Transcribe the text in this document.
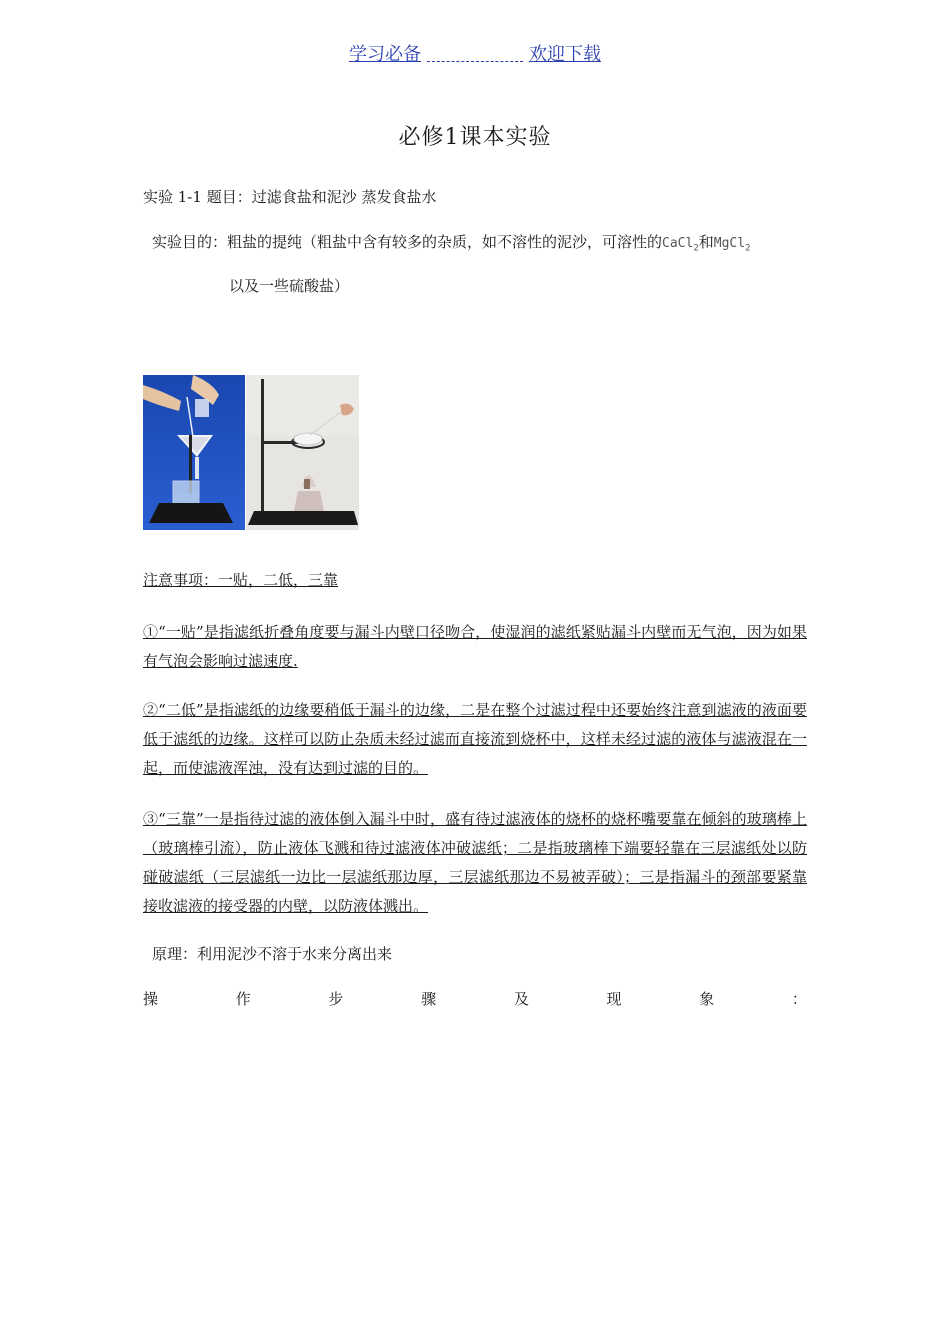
学习必备	欢迎下载
必修1课本实验
实验 1-1 题目：过滤食盐和泥沙 蒸发食盐水
实验目的：粗盐的提纯（粗盐中含有较多的杂质，如不溶性的泥沙，可溶性的CaCl$_2$和MgCl$_2$
以及一些硫酸盐）
注意事项：一贴，二低，三靠
①“一贴”是指滤纸折叠角度要与漏斗内壁口径吻合，使湿润的滤纸紧贴漏斗内壁而无气泡，因为如果有气泡会影响过滤速度.
②“二低”是指滤纸的边缘要稍低于漏斗的边缘，二是在整个过滤过程中还要始终注意到滤液的液面要低于滤纸的边缘。这样可以防止杂质未经过滤而直接流到烧杯中，这样未经过滤的液体与滤液混在一起，而使滤液浑浊，没有达到过滤的目的。
③“三靠”一是指待过滤的液体倒入漏斗中时，盛有待过滤液体的烧杯的烧杯嘴要靠在倾斜的玻璃棒上（玻璃棒引流），防止液体飞溅和待过滤液体冲破滤纸；二是指玻璃棒下端要轻靠在三层滤纸处以防碰破滤纸（三层滤纸一边比一层滤纸那边厚，三层滤纸那边不易被弄破）；三是指漏斗的颈部要紧靠接收滤液的接受器的内壁，以防液体溅出。
原理：利用泥沙不溶于水来分离出来
操	作	步	骤	及	现	象	：
